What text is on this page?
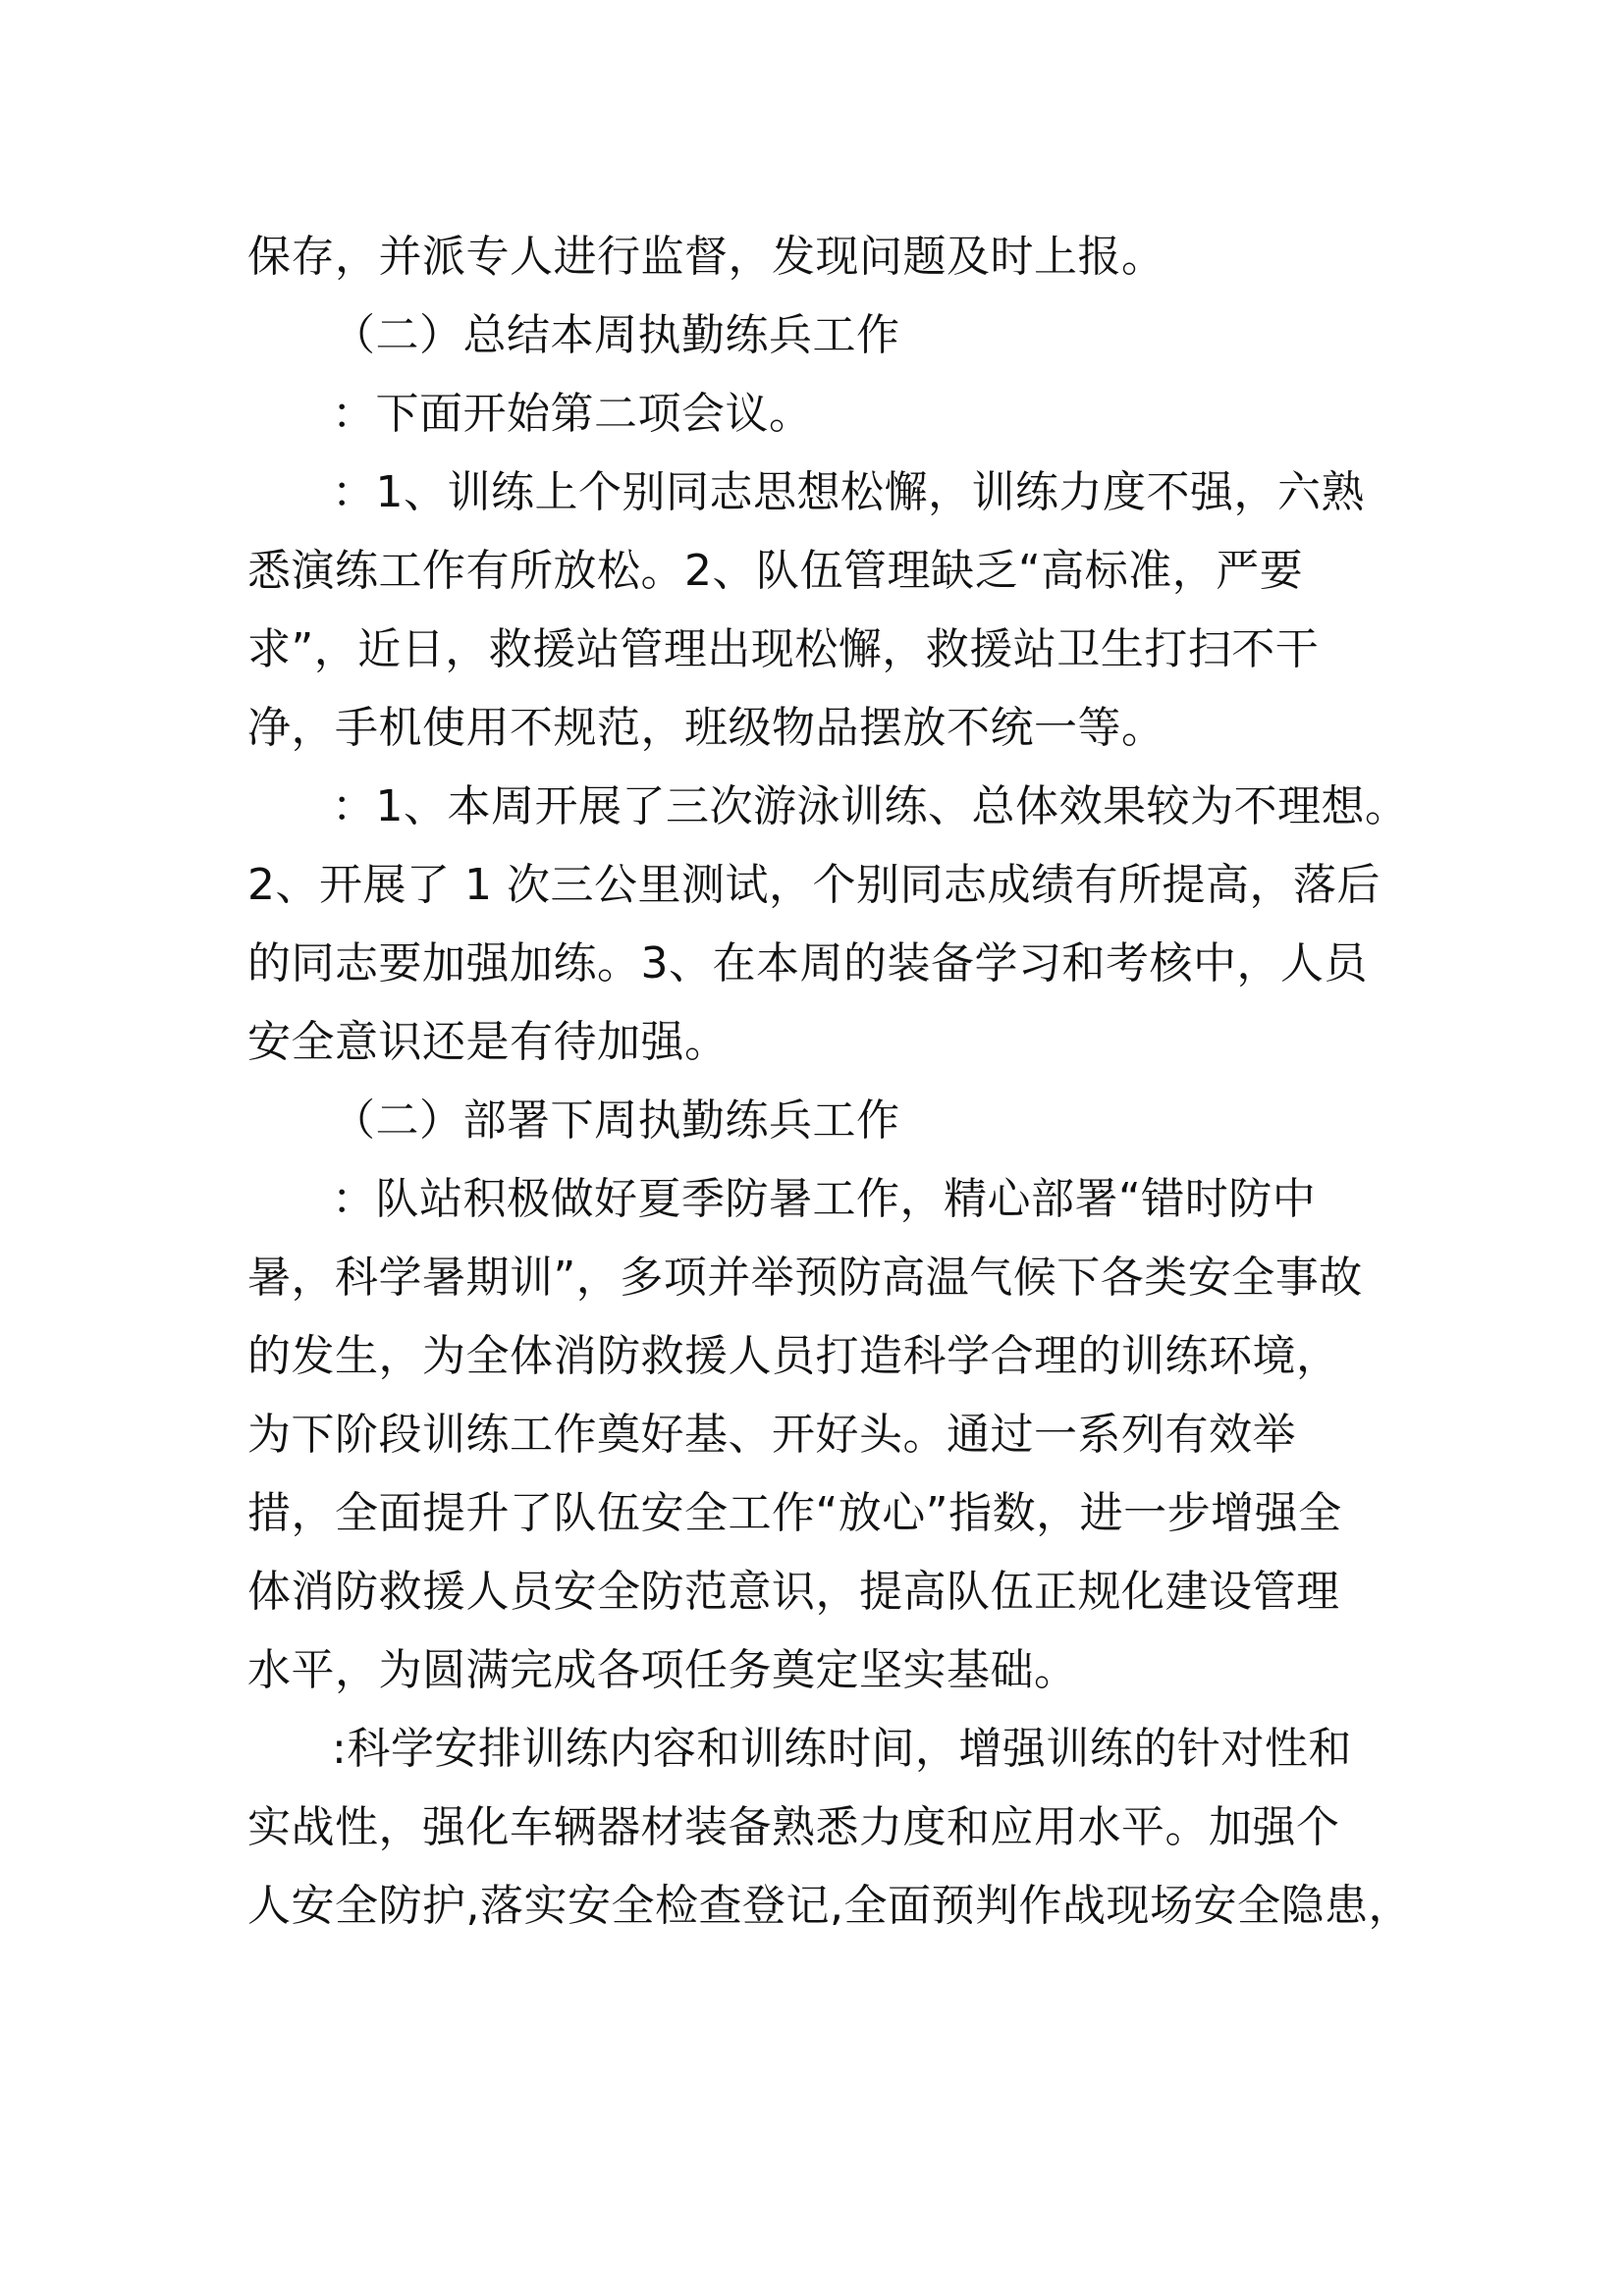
保存，并派专人进行监督，发现问题及时上报。
（二）总结本周执勤练兵工作
：下面开始第二项会议。
：1、训练上个别同志思想松懈，训练力度不强，六熟
悉演练工作有所放松。2、队伍管理缺乏“高标准，严要
求”，近日，救援站管理出现松懈，救援站卫生打扫不干
净，手机使用不规范，班级物品摆放不统一等。
：1、本周开展了三次游泳训练、总体效果较为不理想。
2、开展了 1 次三公里测试，个别同志成绩有所提高，落后
的同志要加强加练。3、在本周的装备学习和考核中，人员
安全意识还是有待加强。
（二）部署下周执勤练兵工作
：队站积极做好夏季防暑工作，精心部署“错时防中
暑，科学暑期训”，多项并举预防高温气候下各类安全事故
的发生，为全体消防救援人员打造科学合理的训练环境，
为下阶段训练工作奠好基、开好头。通过一系列有效举
措，全面提升了队伍安全工作“放心”指数，进一步增强全
体消防救援人员安全防范意识，提高队伍正规化建设管理
水平，为圆满完成各项任务奠定坚实基础。
:科学安排训练内容和训练时间，增强训练的针对性和
实战性，强化车辆器材装备熟悉力度和应用水平。加强个
人安全防护,落实安全检查登记,全面预判作战现场安全隐患，
